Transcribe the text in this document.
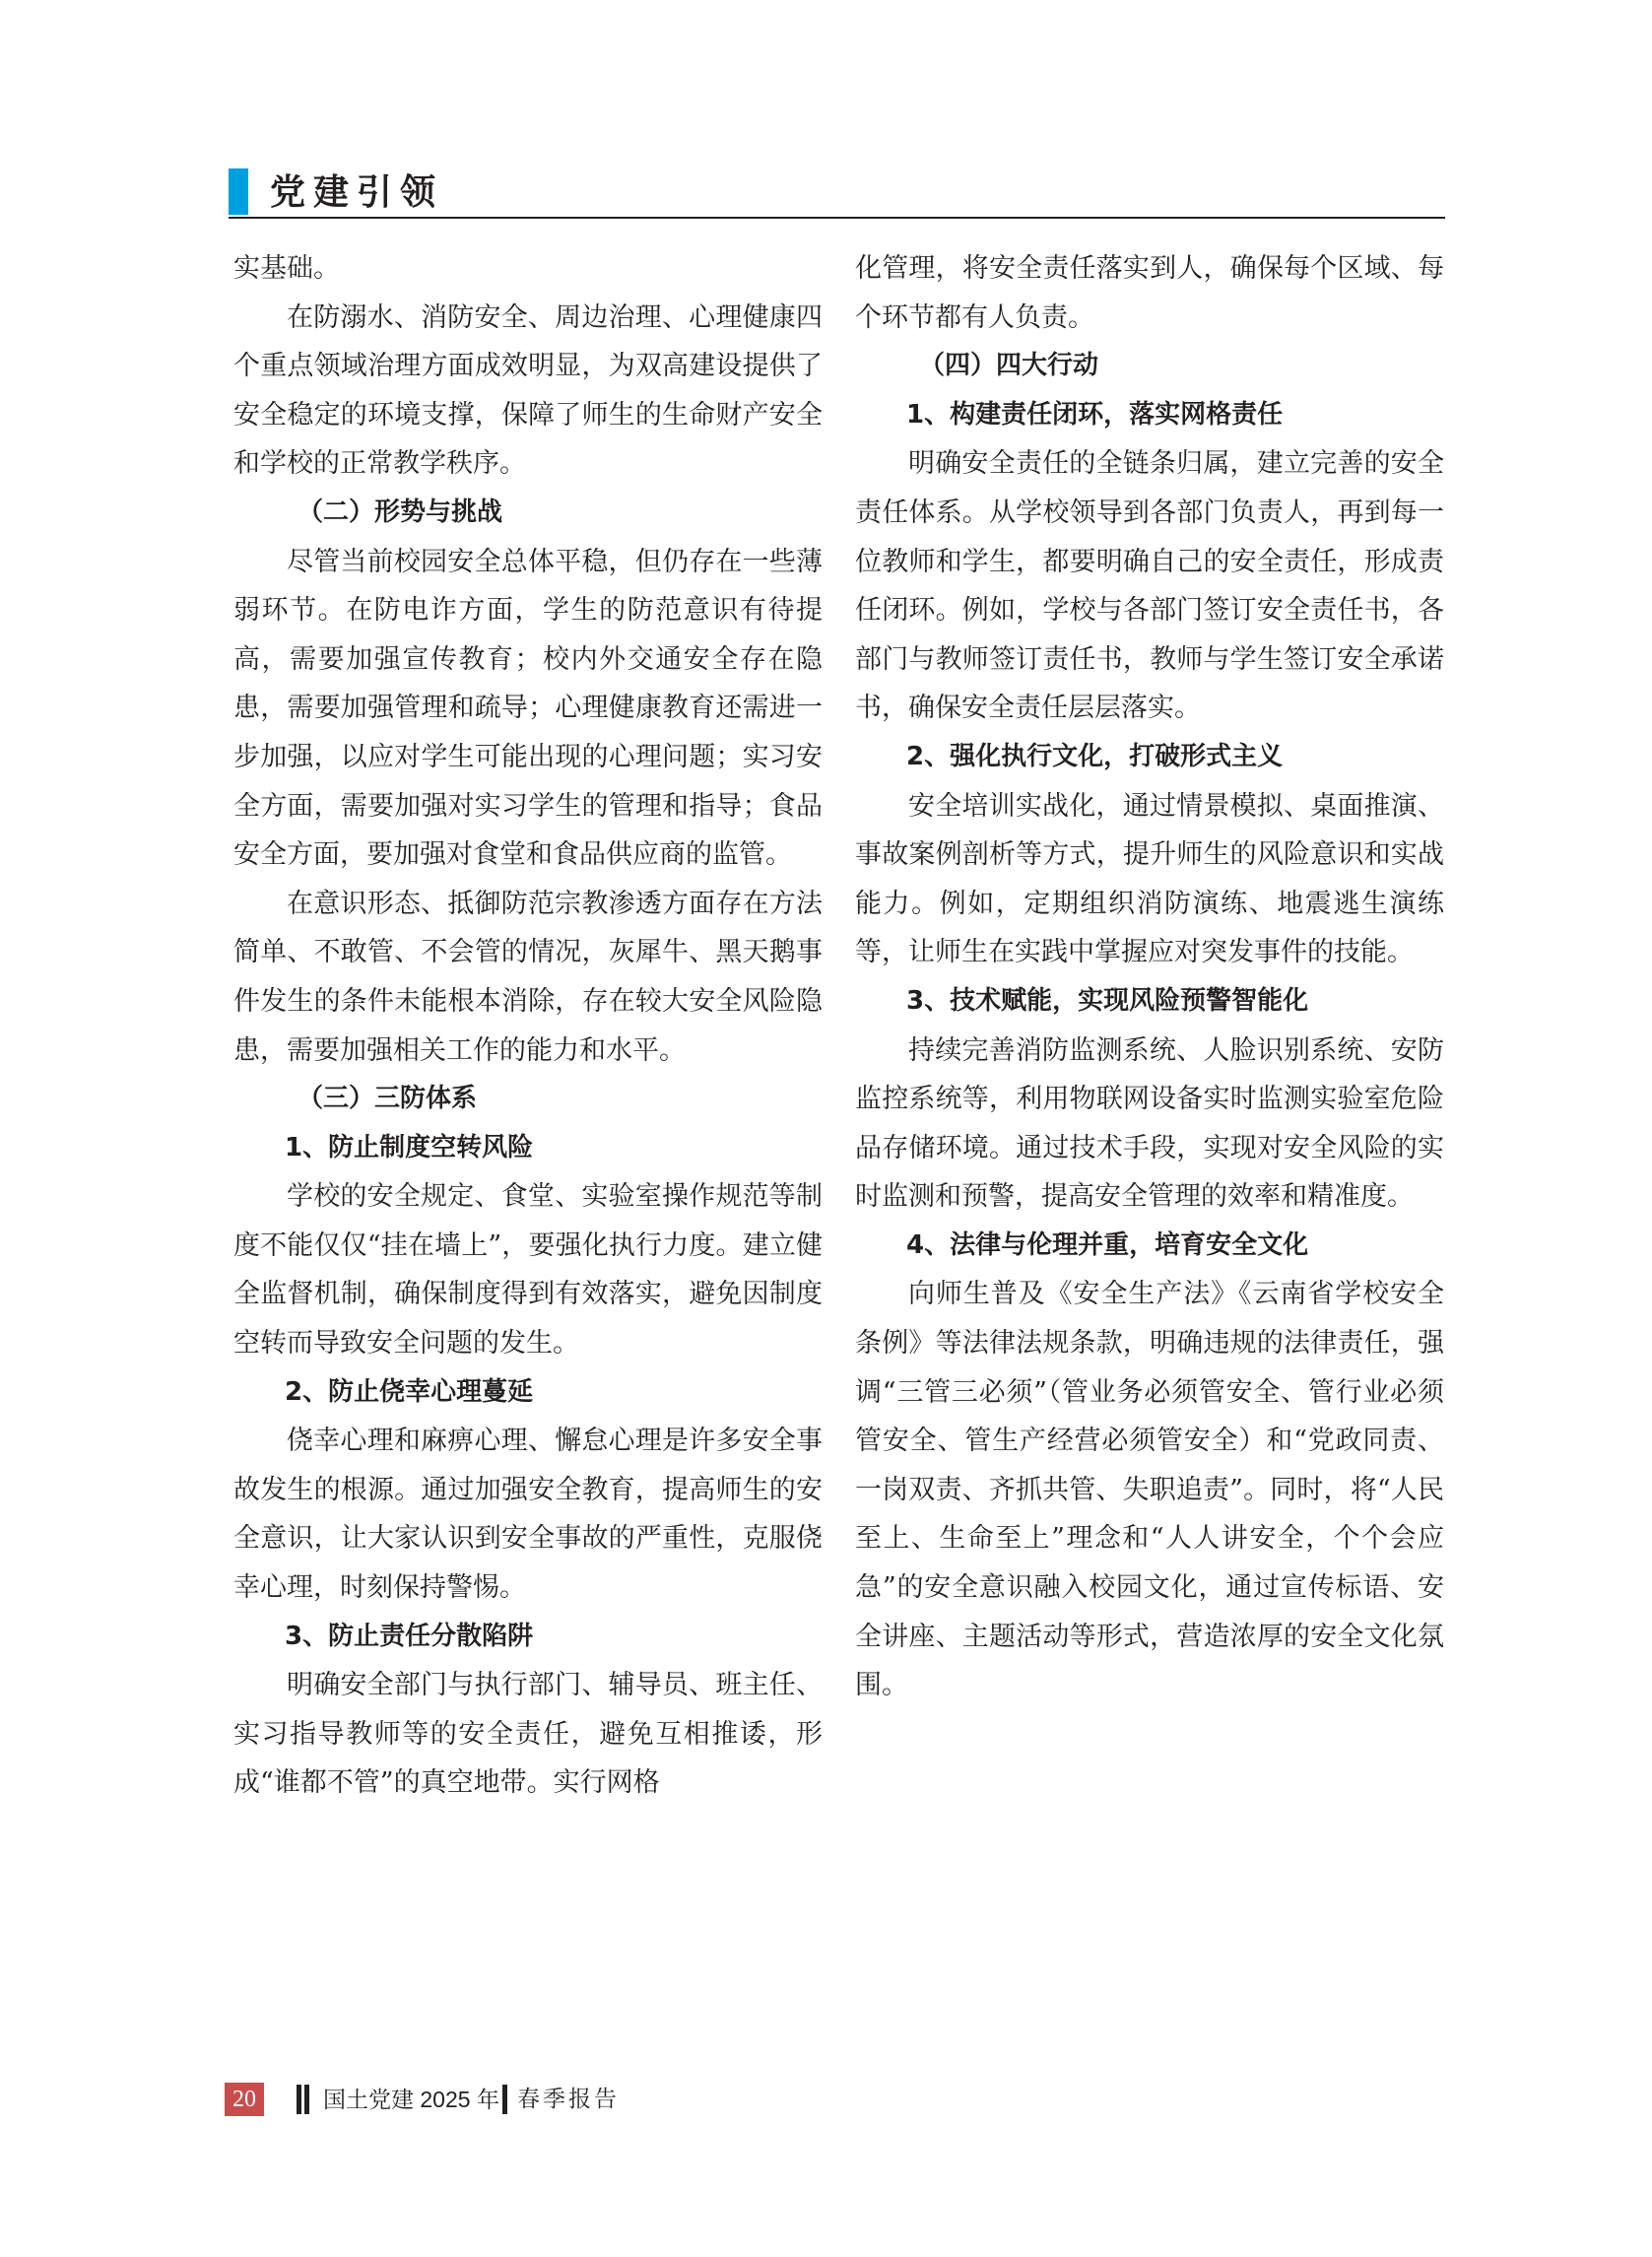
党建引领

实基础。

在防溺水、消防安全、周边治理、心理健康四个重点领域治理方面成效明显，为双高建设提供了安全稳定的环境支撑，保障了师生的生命财产安全和学校的正常教学秩序。

（二）形势与挑战

尽管当前校园安全总体平稳，但仍存在一些薄弱环节。在防电诈方面，学生的防范意识有待提高，需要加强宣传教育；校内外交通安全存在隐患，需要加强管理和疏导；心理健康教育还需进一步加强，以应对学生可能出现的心理问题；实习安全方面，需要加强对实习学生的管理和指导；食品安全方面，要加强对食堂和食品供应商的监管。

在意识形态、抵御防范宗教渗透方面存在方法简单、不敢管、不会管的情况，灰犀牛、黑天鹅事件发生的条件未能根本消除，存在较大安全风险隐患，需要加强相关工作的能力和水平。

（三）三防体系

1、防止制度空转风险

学校的安全规定、食堂、实验室操作规范等制度不能仅仅“挂在墙上”，要强化执行力度。建立健全监督机制，确保制度得到有效落实，避免因制度空转而导致安全问题的发生。

2、防止侥幸心理蔓延

侥幸心理和麻痹心理、懈怠心理是许多安全事故发生的根源。通过加强安全教育，提高师生的安全意识，让大家认识到安全事故的严重性，克服侥幸心理，时刻保持警惕。

3、防止责任分散陷阱

明确安全部门与执行部门、辅导员、班主任、实习指导教师等的安全责任，避免互相推诿，形成“谁都不管”的真空地带。实行网格

化管理，将安全责任落实到人，确保每个区域、每个环节都有人负责。

（四）四大行动

1、构建责任闭环，落实网格责任

明确安全责任的全链条归属，建立完善的安全责任体系。从学校领导到各部门负责人，再到每一位教师和学生，都要明确自己的安全责任，形成责任闭环。例如，学校与各部门签订安全责任书，各部门与教师签订责任书，教师与学生签订安全承诺书，确保安全责任层层落实。

2、强化执行文化，打破形式主义

安全培训实战化，通过情景模拟、桌面推演、事故案例剖析等方式，提升师生的风险意识和实战能力。例如，定期组织消防演练、地震逃生演练等，让师生在实践中掌握应对突发事件的技能。

3、技术赋能，实现风险预警智能化

持续完善消防监测系统、人脸识别系统、安防监控系统等，利用物联网设备实时监测实验室危险品存储环境。通过技术手段，实现对安全风险的实时监测和预警，提高安全管理的效率和精准度。

4、法律与伦理并重，培育安全文化

向师生普及《安全生产法》《云南省学校安全条例》等法律法规条款，明确违规的法律责任，强调“三管三必须”（管业务必须管安全、管行业必须管安全、管生产经营必须管安全）和“党政同责、一岗双责、齐抓共管、失职追责”。同时，将“人民至上、生命至上”理念和“人人讲安全，个个会应急”的安全意识融入校园文化，通过宣传标语、安全讲座、主题活动等形式，营造浓厚的安全文化氛围。

20	国土党建 2025 年 春季报告
